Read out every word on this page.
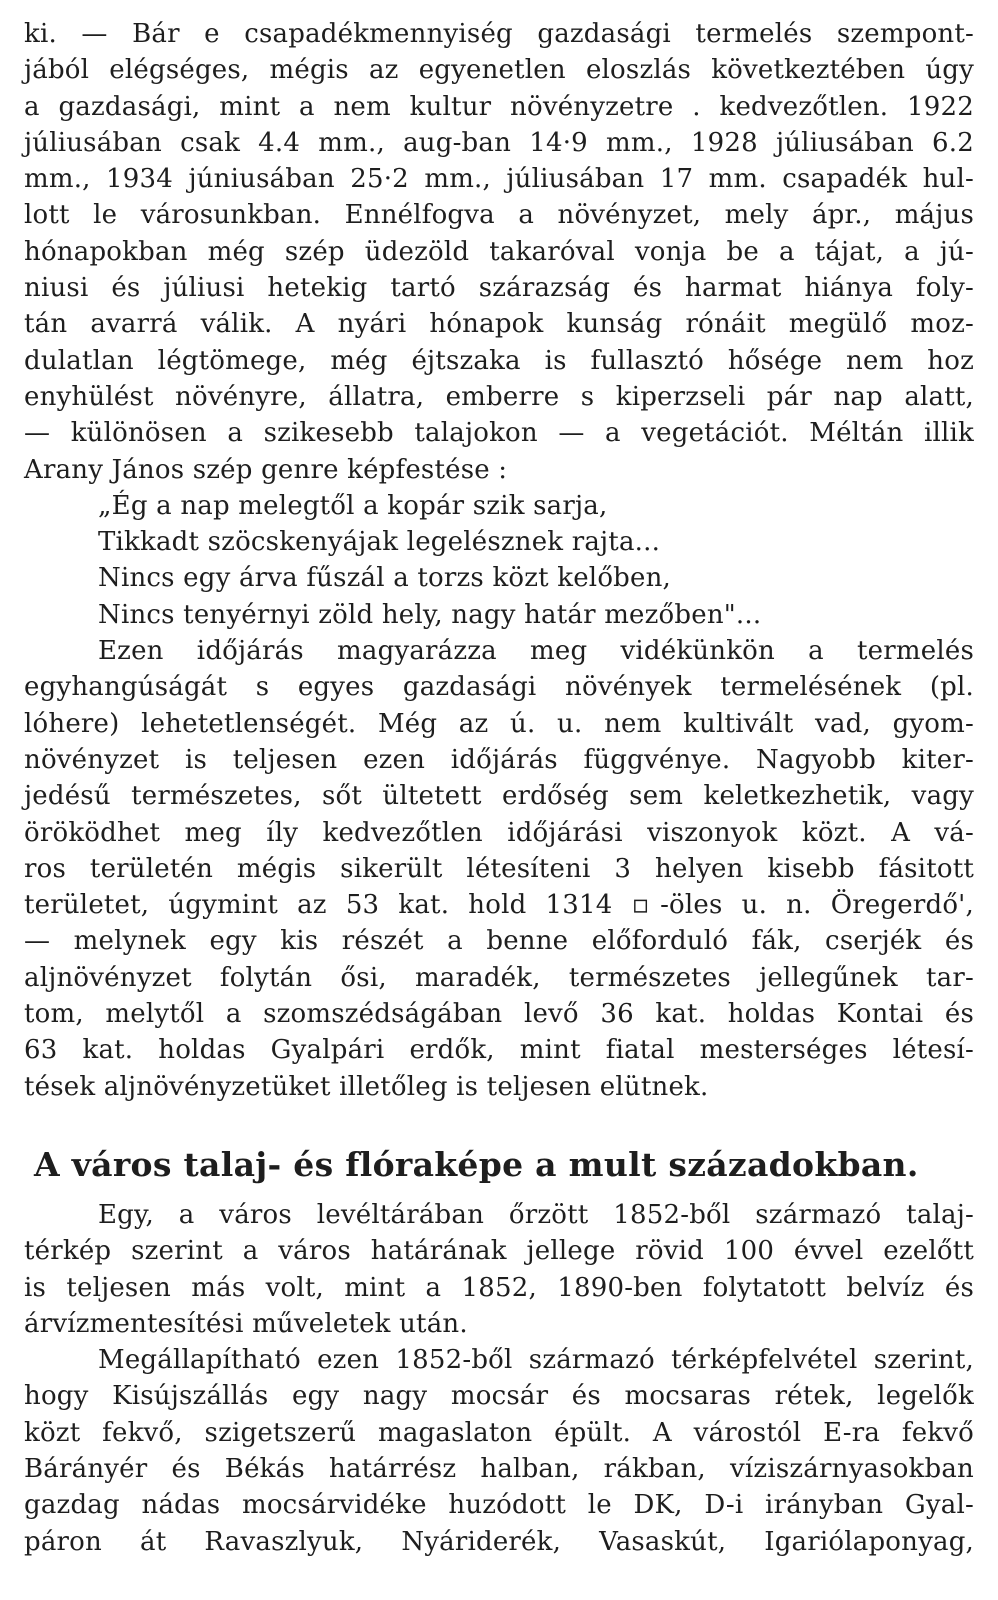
ki. — Bár e csapadékmennyiség gazdasági termelés szempont-
jából elégséges, mégis az egyenetlen eloszlás következtében úgy
a gazdasági, mint a nem kultur növényzetre . kedvezőtlen. 1922
júliusában csak 4.4 mm., aug-ban 14·9 mm., 1928 júliusában 6.2
mm., 1934 júniusában 25·2 mm., júliusában 17 mm. csapadék hul-
lott le városunkban. Ennélfogva a növényzet, mely ápr., május
hónapokban még szép üdezöld takaróval vonja be a tájat, a jú-
niusi és júliusi hetekig tartó szárazság és harmat hiánya foly-
tán avarrá válik. A nyári hónapok kunság rónáit megülő moz-
dulatlan légtömege, még éjtszaka is fullasztó hősége nem hoz
enyhülést növényre, állatra, emberre s kiperzseli pár nap alatt,
— különösen a szikesebb talajokon — a vegetációt. Méltán illik
Arany János szép genre képfestése :
„Ég a nap melegtől a kopár szik sarja,
Tikkadt szöcskenyájak legelésznek rajta...
Nincs egy árva fűszál a torzs közt kelőben,
Nincs tenyérnyi zöld hely, nagy határ mezőben"...
Ezen időjárás magyarázza meg vidékünkön a termelés
egyhangúságát s egyes gazdasági növények termelésének (pl.
lóhere) lehetetlenségét. Még az ú. u. nem kultivált vad, gyom-
növényzet is teljesen ezen időjárás függvénye. Nagyobb kiter-
jedésű természetes, sőt ültetett erdőség sem keletkezhetik, vagy
öröködhet meg íly kedvezőtlen időjárási viszonyok közt. A vá-
ros területén mégis sikerült létesíteni 3 helyen kisebb fásitott
területet, úgymint az 53 kat. hold 1314 ▫-öles u. n. Öregerdő',
— melynek egy kis részét a benne előforduló fák, cserjék és
aljnövényzet folytán ősi, maradék, természetes jellegűnek tar-
tom, melytől a szomszédságában levő 36 kat. holdas Kontai és
63 kat. holdas Gyalpári erdők, mint fiatal mesterséges létesí-
tések aljnövényzetüket illetőleg is teljesen elütnek.
A város talaj- és flóraképe a mult századokban.
Egy, a város levéltárában őrzött 1852-ből származó talaj-
térkép szerint a város határának jellege rövid 100 évvel ezelőtt
is teljesen más volt, mint a 1852, 1890-ben folytatott belvíz és
árvízmentesítési műveletek után.
Megállapítható ezen 1852-ből származó térképfelvétel szerint,
hogy Kisújszállás egy nagy mocsár és mocsaras rétek, legelők
közt fekvő, szigetszerű magaslaton épült. A várostól E-ra fekvő
Bárányér és Békás határrész halban, rákban, víziszárnyasokban
gazdag nádas mocsárvidéke huzódott le DK, D-i irányban Gyal-
páron át Ravaszlyuk, Nyáriderék, Vasaskút, Igariólaponyag,
